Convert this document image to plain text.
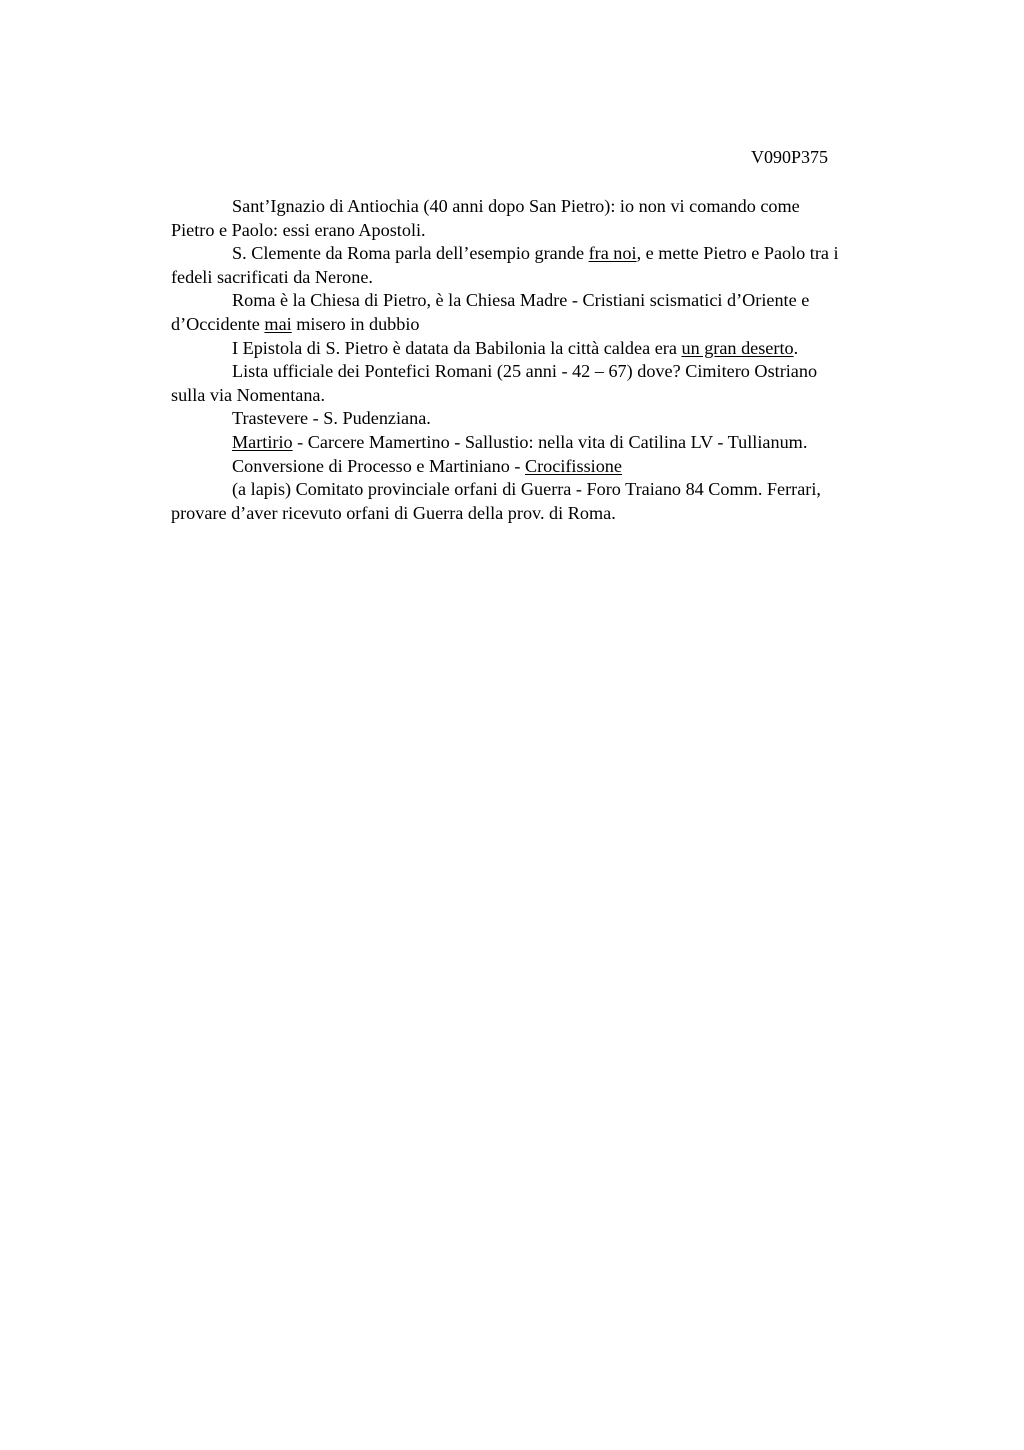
V090P375

Sant’Ignazio di Antiochia (40 anni dopo San Pietro): io non vi comando come
Pietro e Paolo: essi erano Apostoli.

S. Clemente da Roma parla dell’esempio grande fra noi, e mette Pietro e Paolo tra i
fedeli sacrificati da Nerone.

Roma è la Chiesa di Pietro, è la Chiesa Madre - Cristiani scismatici d’Oriente e
d’Occidente mai misero in dubbio

I Epistola di S. Pietro è datata da Babilonia la città caldea era un gran deserto.

Lista ufficiale dei Pontefici Romani (25 anni - 42 – 67) dove? Cimitero Ostriano
sulla via Nomentana.

Trastevere - S. Pudenziana.

Martirio - Carcere Mamertino - Sallustio: nella vita di Catilina LV - Tullianum.

Conversione di Processo e Martiniano - Crocifissione

(a lapis) Comitato provinciale orfani di Guerra - Foro Traiano 84 Comm. Ferrari,
provare d’aver ricevuto orfani di Guerra della prov. di Roma.
